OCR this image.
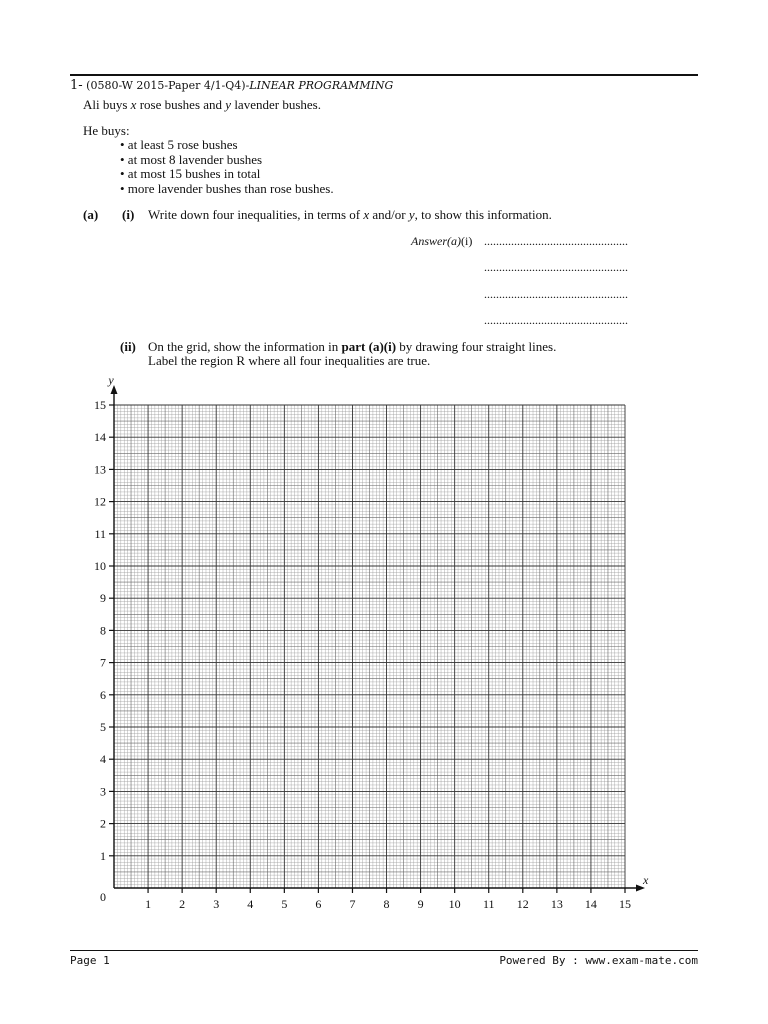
1- (0580-W 2015-Paper 4/1-Q4)-LINEAR PROGRAMMING
Ali buys x rose bushes and y lavender bushes.
He buys:
• at least 5 rose bushes
• at most 8 lavender bushes
• at most 15 bushes in total
• more lavender bushes than rose bushes.
(a) (i) Write down four inequalities, in terms of x and/or y, to show this information.
Answer(a)(i) ................................................
................................................
................................................
................................................
(ii) On the grid, show the information in part (a)(i) by drawing four straight lines.
Label the region R where all four inequalities are true.
x
y
1 2 3 4 5 6 7 8 9 10 11 12 13 14 15
1
2
3
4
5
6
7
8
9
10
11
12
13
14
15
0
Page 1	Powered By : www.exam-mate.com
